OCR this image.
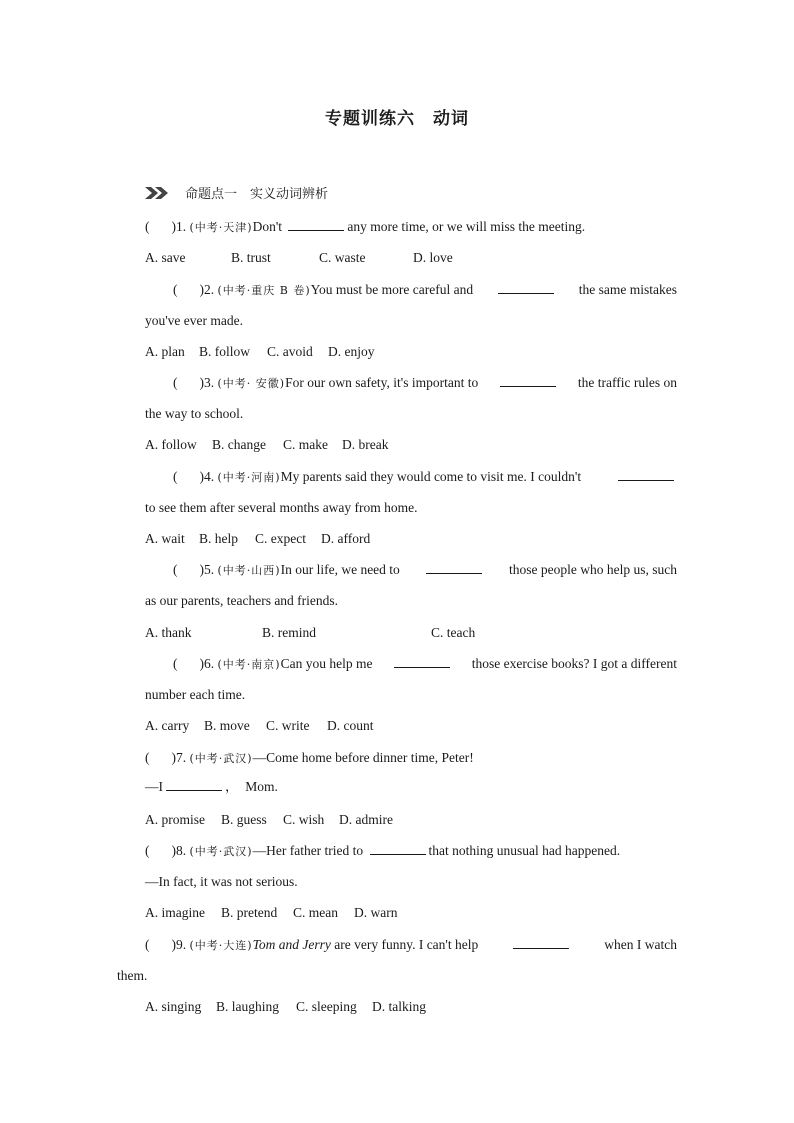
专题训练六　动词
命题点一　实义动词辨析
( )1. (中考·天津)Don't	any more time, or we will miss the meeting.
A. save	B. trust	C. waste	D. love
( )2. (中考·重庆 B 卷)You must be more careful and	the same mistakes
you've ever made.
A. plan B. follow C. avoid D. enjoy
( )3. (中考· 安徽)For our own safety, it's important to	the traffic rules on
the way to school.
A. follow B. change C. make D. break
( )4. (中考·河南)My parents said they would come to visit me. I couldn't
to see them after several months away from home.
A. wait B. help C. expect D. afford
( )5. (中考·山西)In our life, we need to	those people who help us, such
as our parents, teachers and friends.
A. thank	B. remind	C. teach
( )6. (中考·南京)Can you help me	those exercise books? I got a different
number each time.
A. carry B. move C. write D. count
( )7. (中考·武汉)—Come home before dinner time, Peter!
—I	，　Mom.
A. promise B. guess C. wish D. admire
( )8. (中考·武汉)—Her father tried to	that nothing unusual had happened.
—In fact, it was not serious.
A. imagine B. pretend C. mean D. warn
( )9. (中考·大连)Tom and Jerry are very funny. I can't help	when I watch
them.
A. singing B. laughing C. sleeping D. talking
